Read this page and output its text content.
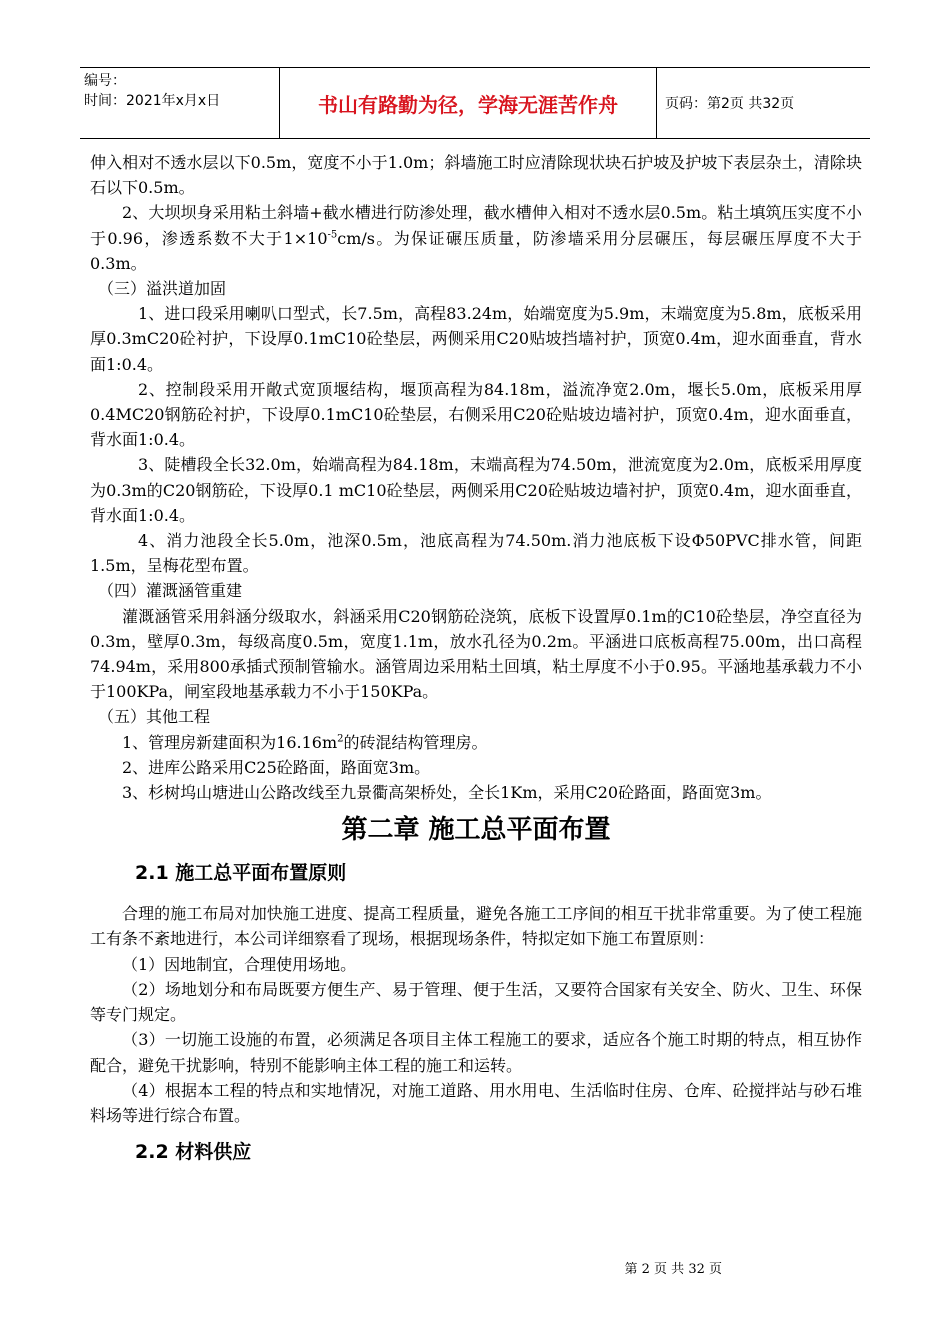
编号：
时间：2021年x月x日	书山有路勤为径，学海无涯苦作舟	页码：第2页 共32页

伸入相对不透水层以下0.5m，宽度不小于1.0m；斜墙施工时应清除现状块石护坡及护坡下表层杂土，清除块石以下0.5m。

2、大坝坝身采用粘土斜墙+截水槽进行防渗处理，截水槽伸入相对不透水层0.5m。粘土填筑压实度不小于0.96，渗透系数不大于$1\times 10^{-5}cm/s$。为保证碾压质量，防渗墙采用分层碾压，每层碾压厚度不大于0.3m。

（三）溢洪道加固

1、进口段采用喇叭口型式，长7.5m，高程83.24m，始端宽度为5.9m，末端宽度为5.8m，底板采用厚0.3mC20砼衬护，下设厚0.1mC10砼垫层，两侧采用C20贴坡挡墙衬护，顶宽0.4m，迎水面垂直，背水面1:0.4。

2、控制段采用开敞式宽顶堰结构，堰顶高程为84.18m，溢流净宽2.0m，堰长5.0m，底板采用厚0.4MC20钢筋砼衬护，下设厚0.1mC10砼垫层，右侧采用C20砼贴坡边墙衬护，顶宽0.4m，迎水面垂直，背水面1:0.4。

3、陡槽段全长32.0m，始端高程为84.18m，末端高程为74.50m，泄流宽度为2.0m，底板采用厚度为0.3m的C20钢筋砼，下设厚0.1 mC10砼垫层，两侧采用C20砼贴坡边墙衬护，顶宽0.4m，迎水面垂直，背水面1:0.4。

4、消力池段全长5.0m，池深0.5m，池底高程为74.50m.消力池底板下设Φ50PVC排水管，间距1.5m，呈梅花型布置。

（四）灌溉涵管重建

灌溉涵管采用斜涵分级取水，斜涵采用C20钢筋砼浇筑，底板下设置厚0.1m的C10砼垫层，净空直径为0.3m，壁厚0.3m，每级高度0.5m，宽度1.1m，放水孔径为0.2m。平涵进口底板高程75.00m，出口高程74.94m，采用800承插式预制管输水。涵管周边采用粘土回填，粘土厚度不小于0.95。平涵地基承载力不小于100KPa，闸室段地基承载力不小于150KPa。

（五）其他工程

1、管理房新建面积为$16.16m^2$的砖混结构管理房。

2、进库公路采用C25砼路面，路面宽3m。

3、杉树坞山塘进山公路改线至九景衢高架桥处，全长1Km，采用C20砼路面，路面宽3m。

第二章 施工总平面布置
2.1 施工总平面布置原则

合理的施工布局对加快施工进度、提高工程质量，避免各施工工序间的相互干扰非常重要。为了使工程施工有条不紊地进行，本公司详细察看了现场，根据现场条件，特拟定如下施工布置原则：

（1）因地制宜，合理使用场地。

（2）场地划分和布局既要方便生产、易于管理、便于生活，又要符合国家有关安全、防火、卫生、环保等专门规定。

（3）一切施工设施的布置，必须满足各项目主体工程施工的要求，适应各个施工时期的特点，相互协作配合，避免干扰影响，特别不能影响主体工程的施工和运转。

（4）根据本工程的特点和实地情况，对施工道路、用水用电、生活临时住房、仓库、砼搅拌站与砂石堆料场等进行综合布置。

2.2 材料供应
第 2 页 共 32 页
